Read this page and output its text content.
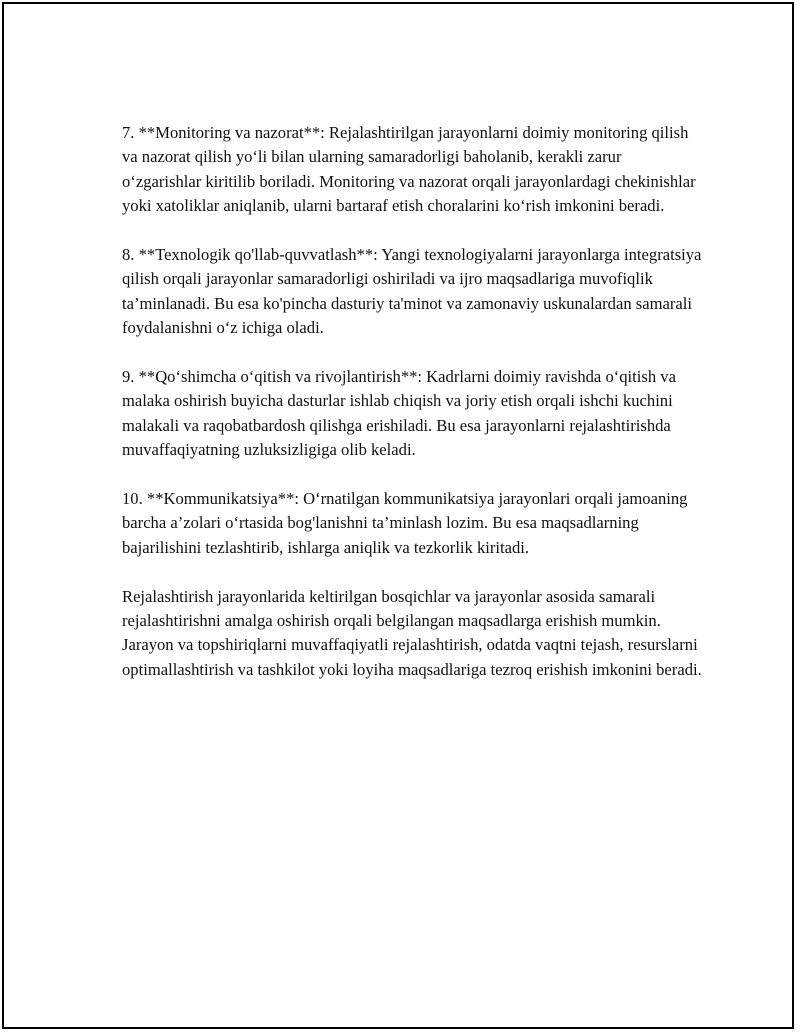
7. **Monitoring va nazorat**: Rejalashtirilgan jarayonlarni doimiy monitoring qilish va nazorat qilish yo‘li bilan ularning samaradorligi baholanib, kerakli zarur o‘zgarishlar kiritilib boriladi. Monitoring va nazorat orqali jarayonlardagi chekinishlar yoki xatoliklar aniqlanib, ularni bartaraf etish choralarini ko‘rish imkonini beradi.

8. **Texnologik qo'llab-quvvatlash**: Yangi texnologiyalarni jarayonlarga integratsiya qilish orqali jarayonlar samaradorligi oshiriladi va ijro maqsadlariga muvofiqlik ta’minlanadi. Bu esa ko'pincha dasturiy ta'minot va zamonaviy uskunalardan samarali foydalanishni o‘z ichiga oladi.

9. **Qo‘shimcha o‘qitish va rivojlantirish**: Kadrlarni doimiy ravishda o‘qitish va malaka oshirish buyicha dasturlar ishlab chiqish va joriy etish orqali ishchi kuchini malakali va raqobatbardosh qilishga erishiladi. Bu esa jarayonlarni rejalashtirishda muvaffaqiyatning uzluksizligiga olib keladi.

10. **Kommunikatsiya**: O‘rnatilgan kommunikatsiya jarayonlari orqali jamoaning barcha a’zolari o‘rtasida bog'lanishni ta’minlash lozim. Bu esa maqsadlarning bajarilishini tezlashtirib, ishlarga aniqlik va tezkorlik kiritadi.

Rejalashtirish jarayonlarida keltirilgan bosqichlar va jarayonlar asosida samarali rejalashtirishni amalga oshirish orqali belgilangan maqsadlarga erishish mumkin. Jarayon va topshiriqlarni muvaffaqiyatli rejalashtirish, odatda vaqtni tejash, resurslarni optimallashtirish va tashkilot yoki loyiha maqsadlariga tezroq erishish imkonini beradi.
